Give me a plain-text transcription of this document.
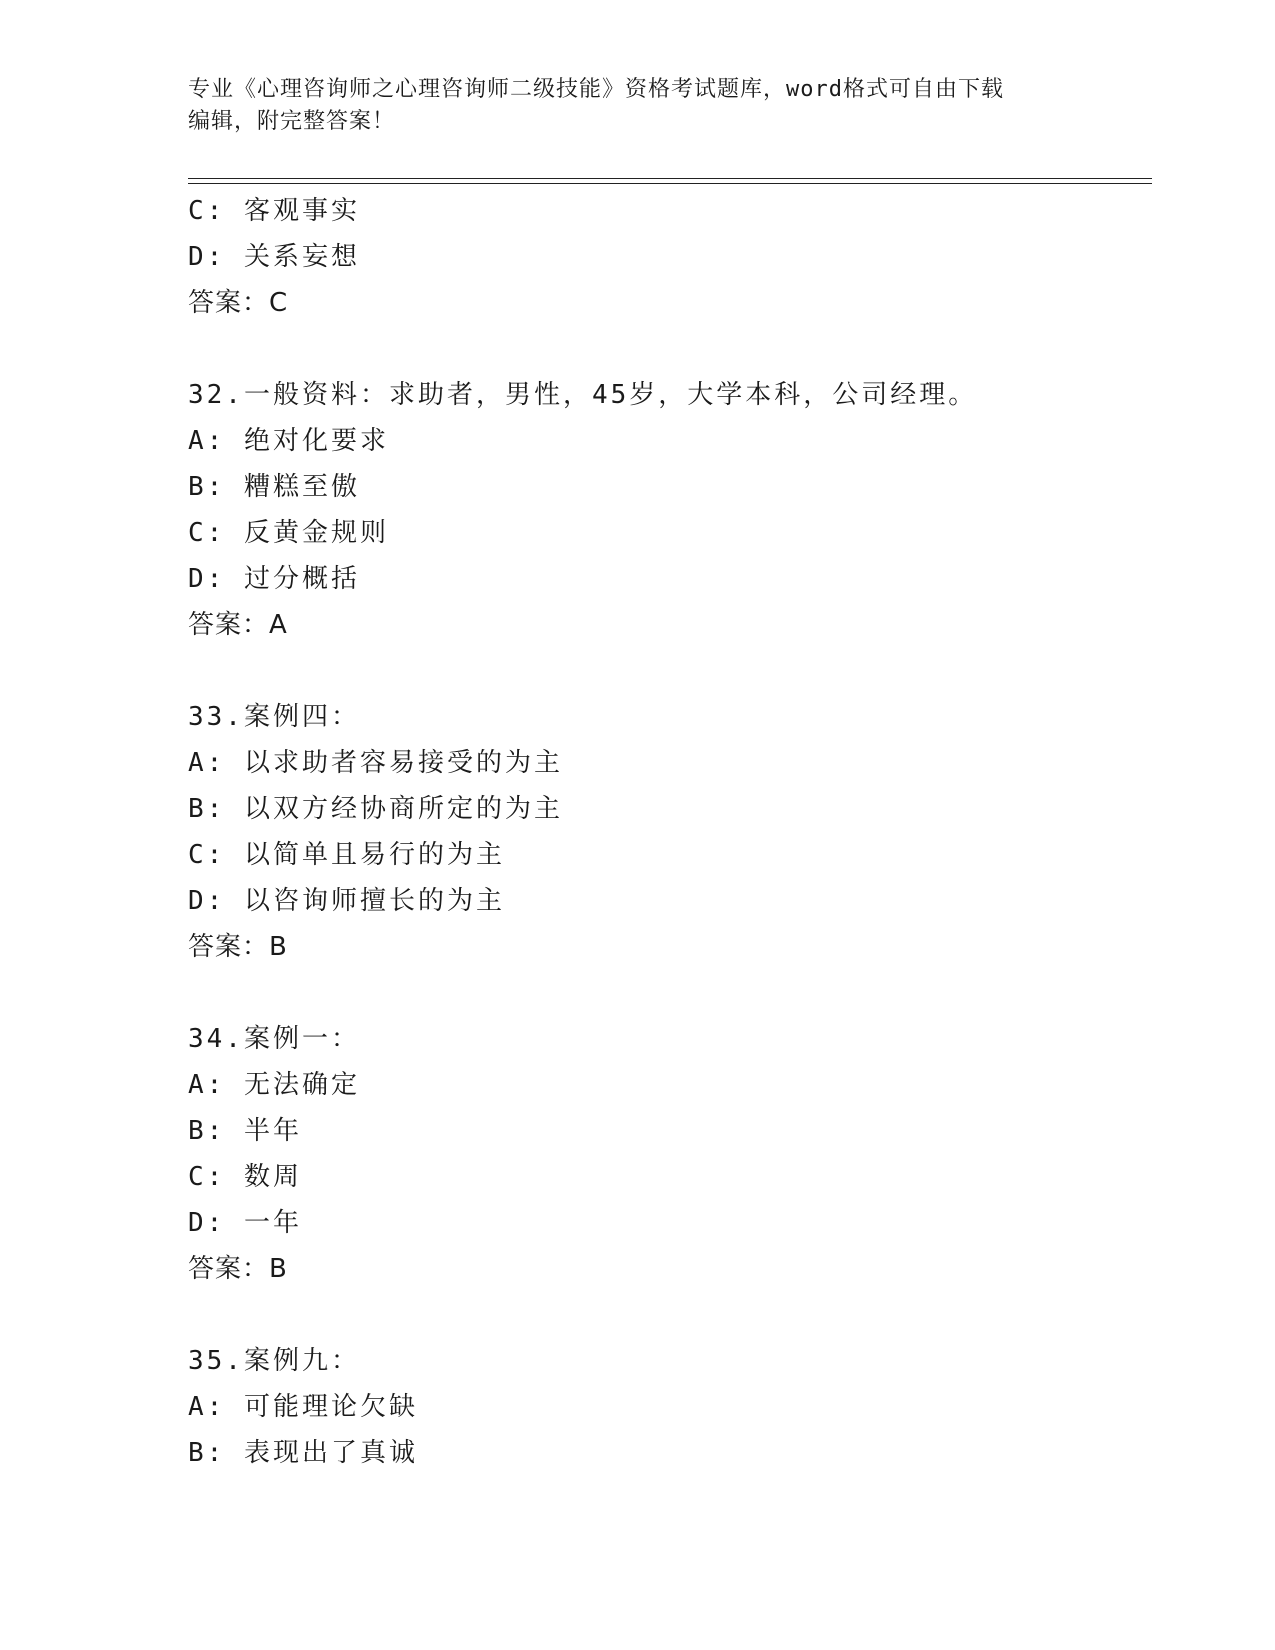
专业《心理咨询师之心理咨询师二级技能》资格考试题库，word格式可自由下载
编辑，附完整答案！
C: 客观事实
D: 关系妄想
答案：C
32.一般资料：求助者，男性，45岁，大学本科，公司经理。
A: 绝对化要求
B: 糟糕至傲
C: 反黄金规则
D: 过分概括
答案：A
33.案例四：
A: 以求助者容易接受的为主
B: 以双方经协商所定的为主
C: 以简单且易行的为主
D: 以咨询师擅长的为主
答案：B
34.案例一：
A: 无法确定
B: 半年
C: 数周
D: 一年
答案：B
35.案例九：
A: 可能理论欠缺
B: 表现出了真诚
